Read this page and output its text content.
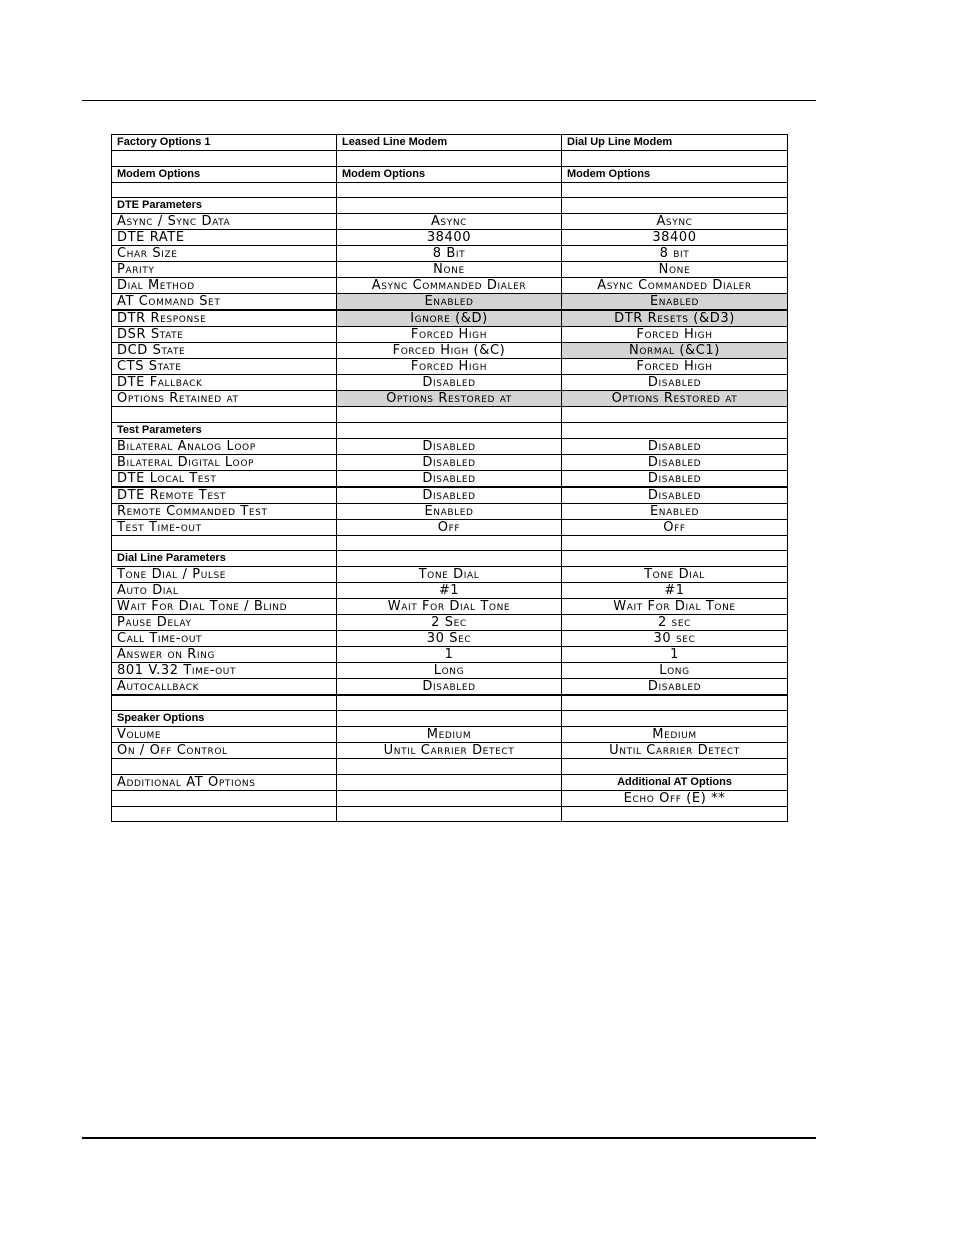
Factory Options 1	Leased Line Modem	Dial Up Line Modem

Modem Options	Modem Options	Modem Options

DTE Parameters		
Async / Sync Data	Async	Async
DTE RATE	38400	38400
Char Size	8 Bit	8 bit
Parity	None	None
Dial Method	Async Commanded Dialer	Async Commanded Dialer
AT Command Set	Enabled	Enabled
DTR Response	Ignore (&D)	DTR Resets (&D3)
DSR State	Forced High	Forced High
DCD State	Forced High (&C)	Normal (&C1)
CTS State	Forced High	Forced High
DTE Fallback	Disabled	Disabled
Options Retained at	Options Restored at	Options Restored at

Test Parameters		
Bilateral Analog Loop	Disabled	Disabled
Bilateral Digital Loop	Disabled	Disabled
DTE Local Test	Disabled	Disabled
DTE Remote Test	Disabled	Disabled
Remote Commanded Test	Enabled	Enabled
Test Time-out	Off	Off

Dial Line Parameters		
Tone Dial / Pulse	Tone Dial	Tone Dial
Auto Dial	#1	#1
Wait For Dial Tone / Blind	Wait For Dial Tone	Wait For Dial Tone
Pause Delay	2 Sec	2 sec
Call Time-out	30 Sec	30 sec
Answer on Ring	1	1
801 V.32 Time-out	Long	Long
Autocallback	Disabled	Disabled

Speaker Options		
Volume	Medium	Medium
On / Off Control	Until Carrier Detect	Until Carrier Detect

Additional AT Options		Additional AT Options
		Echo Off (E) **
